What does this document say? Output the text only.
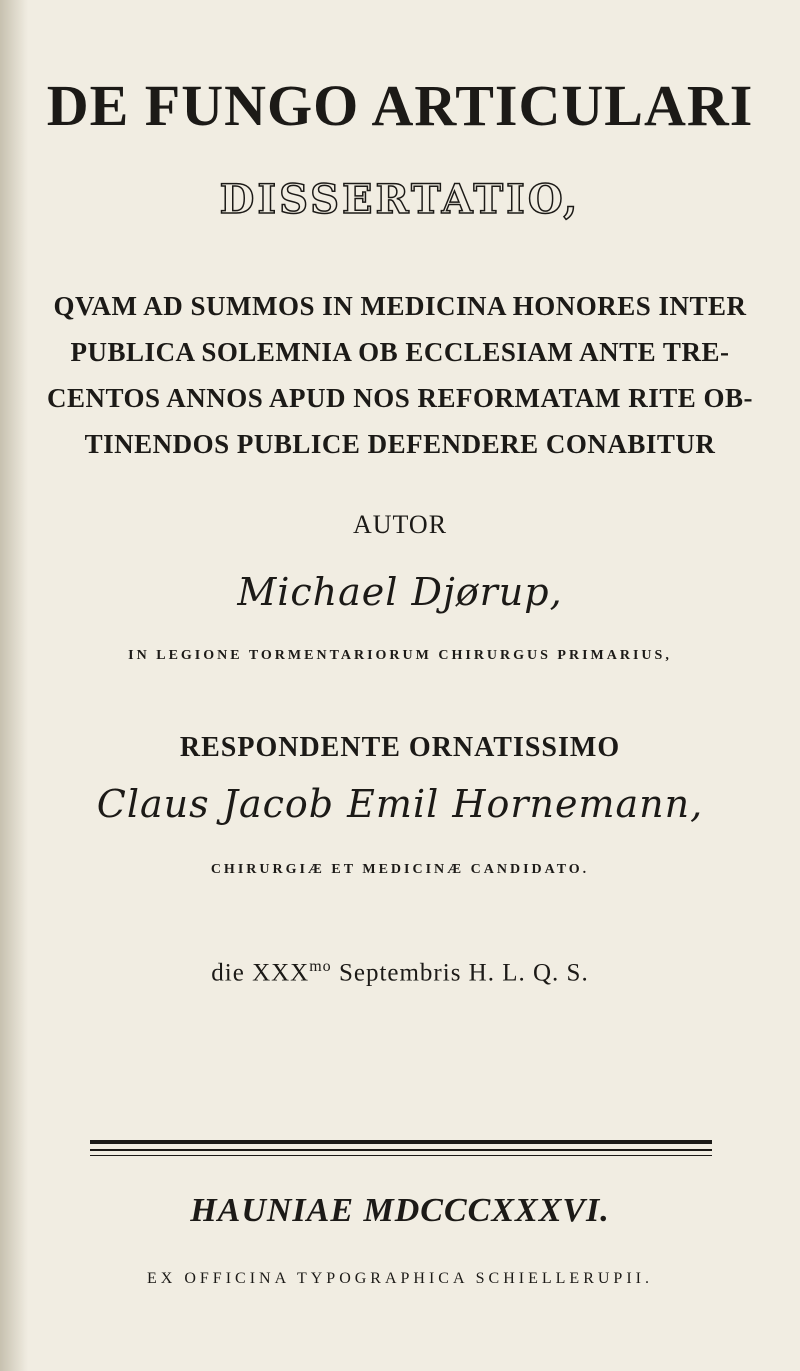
DE FUNGO ARTICULARI
DISSERTATIO,
QVAM AD SUMMOS IN MEDICINA HONORES INTER
PUBLICA SOLEMNIA OB ECCLESIAM ANTE TRE-
CENTOS ANNOS APUD NOS REFORMATAM RITE OB-
TINENDOS PUBLICE DEFENDERE CONABITUR
AUTOR
Michael Djørup,
IN LEGIONE TORMENTARIORUM CHIRURGUS PRIMARIUS,
RESPONDENTE ORNATISSIMO
Claus Jacob Emil Hornemann,
CHIRURGIÆ ET MEDICINÆ CANDIDATO.
die $XXX^{mo}$ Septembris H. L. Q. S.
HAUNIAE MDCCCXXXVI.
EX OFFICINA TYPOGRAPHICA SCHIELLERUPII.
